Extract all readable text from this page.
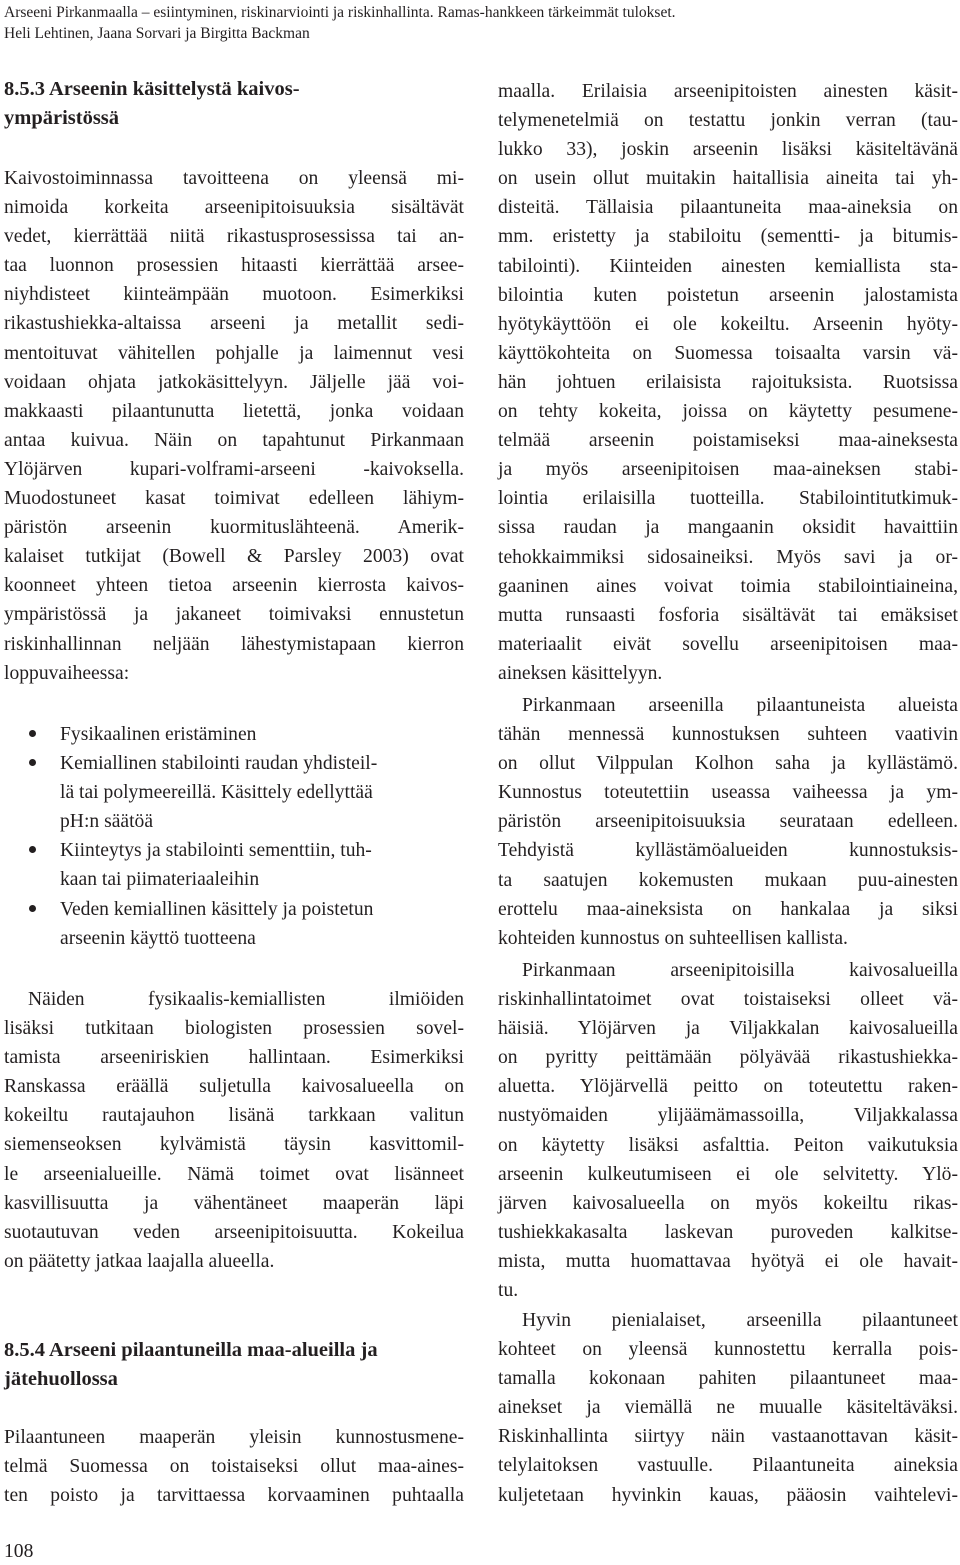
Arseeni Pirkanmaalla – esiintyminen, riskinarviointi ja riskinhallinta. Ramas-hankkeen tärkeimmät tulokset.
Heli Lehtinen, Jaana Sorvari ja Birgitta Backman
8.5.3 Arseenin käsittelystä kaivos-
ympäristössä
Kaivostoiminnassa tavoitteena on yleensä mi-
nimoida korkeita arseenipitoisuuksia sisältävät
vedet, kierrättää niitä rikastusprosessissa tai an-
taa luonnon prosessien hitaasti kierrättää arsee-
niyhdisteet kiinteämpään muotoon. Esimerkiksi
rikastushiekka-altaissa arseeni ja metallit sedi-
mentoituvat vähitellen pohjalle ja laimennut vesi
voidaan ohjata jatkokäsittelyyn. Jäljelle jää voi-
makkaasti pilaantunutta lietettä, jonka voidaan
antaa kuivua. Näin on tapahtunut Pirkanmaan
Ylöjärven kupari-volframi-arseeni -kaivoksella.
Muodostuneet kasat toimivat edelleen lähiym-
päristön arseenin kuormituslähteenä. Amerik-
kalaiset tutkijat (Bowell & Parsley 2003) ovat
koonneet yhteen tietoa arseenin kierrosta kaivos-
ympäristössä ja jakaneet toimivaksi ennustetun
riskinhallinnan neljään lähestymistapaan kierron
loppuvaiheessa:
Fysikaalinen eristäminen
Kemiallinen stabilointi raudan yhdisteil-
lä tai polymeereillä. Käsittely edellyttää
pH:n säätöä
Kiinteytys ja stabilointi sementtiin, tuh-
kaan tai piimateriaaleihin
Veden kemiallinen käsittely ja poistetun
arseenin käyttö tuotteena
Näiden fysikaalis-kemiallisten ilmiöiden
lisäksi tutkitaan biologisten prosessien sovel-
tamista arseeniriskien hallintaan. Esimerkiksi
Ranskassa eräällä suljetulla kaivosalueella on
kokeiltu rautajauhon lisänä tarkkaan valitun
siemenseoksen kylvämistä täysin kasvittomil-
le arseenialueille. Nämä toimet ovat lisänneet
kasvillisuutta ja vähentäneet maaperän läpi
suotautuvan veden arseenipitoisuutta. Kokeilua
on päätetty jatkaa laajalla alueella.
8.5.4 Arseeni pilaantuneilla maa-alueilla ja
jätehuollossa
Pilaantuneen maaperän yleisin kunnostusmene-
telmä Suomessa on toistaiseksi ollut maa-aines-
ten poisto ja tarvittaessa korvaaminen puhtaalla
maalla. Erilaisia arseenipitoisten ainesten käsit-
telymenetelmiä on testattu jonkin verran (tau-
lukko 33), joskin arseenin lisäksi käsiteltävänä
on usein ollut muitakin haitallisia aineita tai yh-
disteitä. Tällaisia pilaantuneita maa-aineksia on
mm. eristetty ja stabiloitu (sementti- ja bitumis-
tabilointi). Kiinteiden ainesten kemiallista sta-
bilointia kuten poistetun arseenin jalostamista
hyötykäyttöön ei ole kokeiltu. Arseenin hyöty-
käyttökohteita on Suomessa toisaalta varsin vä-
hän johtuen erilaisista rajoituksista. Ruotsissa
on tehty kokeita, joissa on käytetty pesumene-
telmää arseenin poistamiseksi maa-aineksesta
ja myös arseenipitoisen maa-aineksen stabi-
lointia erilaisilla tuotteilla. Stabilointitutkimuk-
sissa raudan ja mangaanin oksidit havaittiin
tehokkaimmiksi sidosaineiksi. Myös savi ja or-
gaaninen aines voivat toimia stabilointiaineina,
mutta runsaasti fosforia sisältävät tai emäksiset
materiaalit eivät sovellu arseenipitoisen maa-
aineksen käsittelyyn.
Pirkanmaan arseenilla pilaantuneista alueista
tähän mennessä kunnostuksen suhteen vaativin
on ollut Vilppulan Kolhon saha ja kyllästämö.
Kunnostus toteutettiin useassa vaiheessa ja ym-
päristön arseenipitoisuuksia seurataan edelleen.
Tehdyistä kyllästämöalueiden kunnostuksis-
ta saatujen kokemusten mukaan puu-ainesten
erottelu maa-aineksista on hankalaa ja siksi
kohteiden kunnostus on suhteellisen kallista.
Pirkanmaan arseenipitoisilla kaivosalueilla
riskinhallintatoimet ovat toistaiseksi olleet vä-
häisiä. Ylöjärven ja Viljakkalan kaivosalueilla
on pyritty peittämään pölyävää rikastushiekka-
aluetta. Ylöjärvellä peitto on toteutettu raken-
nustyömaiden ylijäämämassoilla, Viljakkalassa
on käytetty lisäksi asfalttia. Peiton vaikutuksia
arseenin kulkeutumiseen ei ole selvitetty. Ylö-
järven kaivosalueella on myös kokeiltu rikas-
tushiekkakasalta laskevan puroveden kalkitse-
mista, mutta huomattavaa hyötyä ei ole havait-
tu.
Hyvin pienialaiset, arseenilla pilaantuneet
kohteet on yleensä kunnostettu kerralla pois-
tamalla kokonaan pahiten pilaantuneet maa-
ainekset ja viemällä ne muualle käsiteltäväksi.
Riskinhallinta siirtyy näin vastaanottavan käsit-
telylaitoksen vastuulle. Pilaantuneita aineksia
kuljetetaan hyvinkin kauas, pääosin vaihtelevi-
108
